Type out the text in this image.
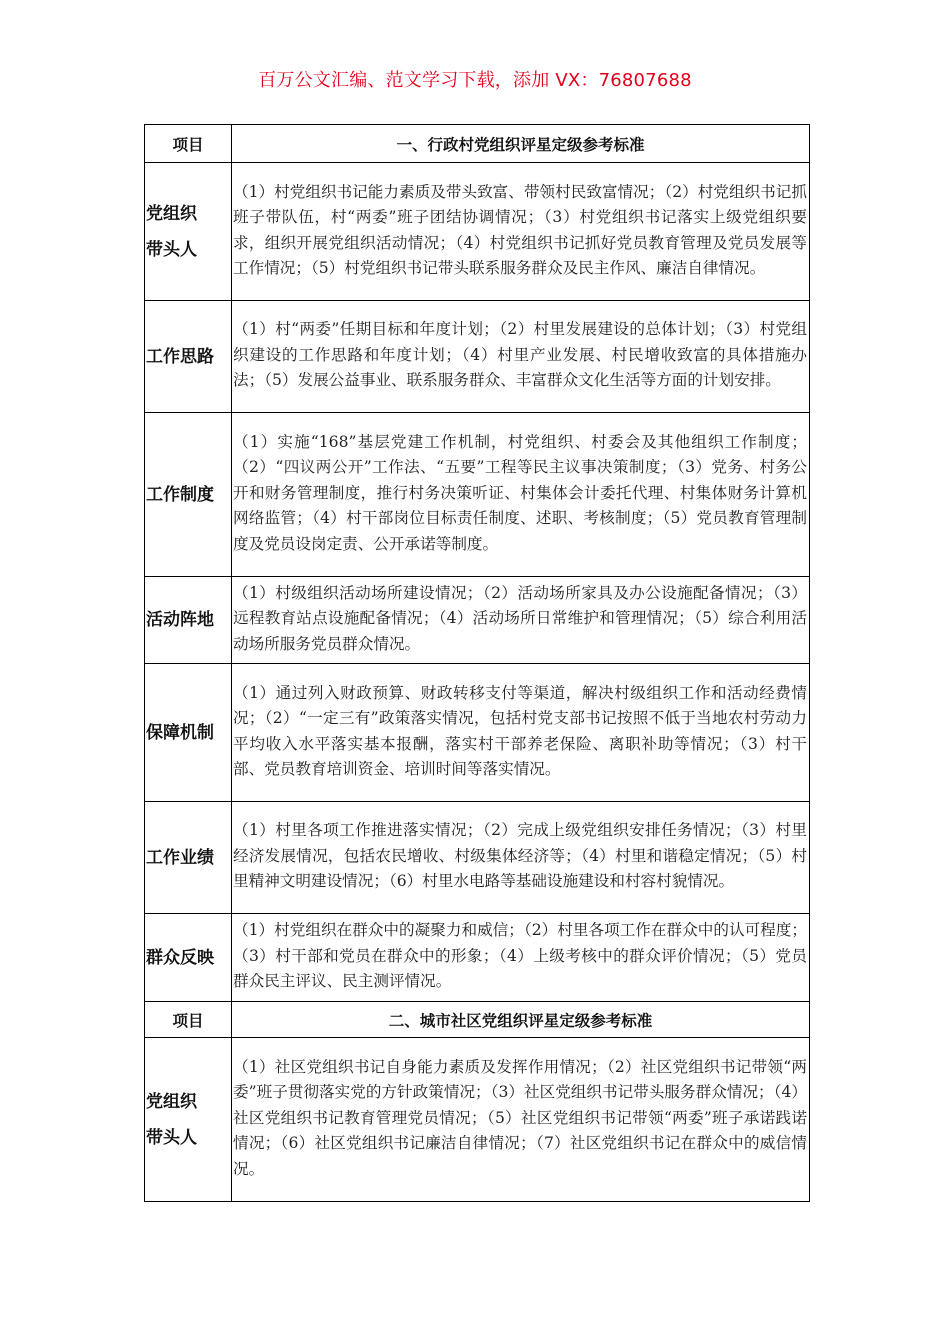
百万公文汇编、范文学习下载，添加 VX：76807688
项目	一、行政村党组织评星定级参考标准

党组织
带头人	（1）村党组织书记能力素质及带头致富、带领村民致富情况；（2）村党组织书记抓班子带队伍，村“两委”班子团结协调情况；（3）村党组织书记落实上级党组织要求，组织开展党组织活动情况；（4）村党组织书记抓好党员教育管理及党员发展等工作情况；（5）村党组织书记带头联系服务群众及民主作风、廉洁自律情况。
工作思路	（1）村“两委”任期目标和年度计划；（2）村里发展建设的总体计划；（3）村党组织建设的工作思路和年度计划；（4）村里产业发展、村民增收致富的具体措施办法；（5）发展公益事业、联系服务群众、丰富群众文化生活等方面的计划安排。
工作制度	（1）实施“168”基层党建工作机制，村党组织、村委会及其他组织工作制度；（2）“四议两公开”工作法、“五要”工程等民主议事决策制度；（3）党务、村务公开和财务管理制度，推行村务决策听证、村集体会计委托代理、村集体财务计算机网络监管；（4）村干部岗位目标责任制度、述职、考核制度；（5）党员教育管理制度及党员设岗定责、公开承诺等制度。
活动阵地	（1）村级组织活动场所建设情况；（2）活动场所家具及办公设施配备情况；（3）远程教育站点设施配备情况；（4）活动场所日常维护和管理情况；（5）综合利用活动场所服务党员群众情况。
保障机制	（1）通过列入财政预算、财政转移支付等渠道，解决村级组织工作和活动经费情况；（2）“一定三有”政策落实情况，包括村党支部书记按照不低于当地农村劳动力平均收入水平落实基本报酬，落实村干部养老保险、离职补助等情况；（3）村干部、党员教育培训资金、培训时间等落实情况。
工作业绩	（1）村里各项工作推进落实情况；（2）完成上级党组织安排任务情况；（3）村里经济发展情况，包括农民增收、村级集体经济等；（4）村里和谐稳定情况；（5）村里精神文明建设情况；（6）村里水电路等基础设施建设和村容村貌情况。
群众反映	（1）村党组织在群众中的凝聚力和威信；（2）村里各项工作在群众中的认可程度；（3）村干部和党员在群众中的形象；（4）上级考核中的群众评价情况；（5）党员群众民主评议、民主测评情况。
项目	二、城市社区党组织评星定级参考标准

党组织
带头人	（1）社区党组织书记自身能力素质及发挥作用情况；（2）社区党组织书记带领“两委”班子贯彻落实党的方针政策情况；（3）社区党组织书记带头服务群众情况；（4）社区党组织书记教育管理党员情况；（5）社区党组织书记带领“两委”班子承诺践诺情况；（6）社区党组织书记廉洁自律情况；（7）社区党组织书记在群众中的威信情况。
